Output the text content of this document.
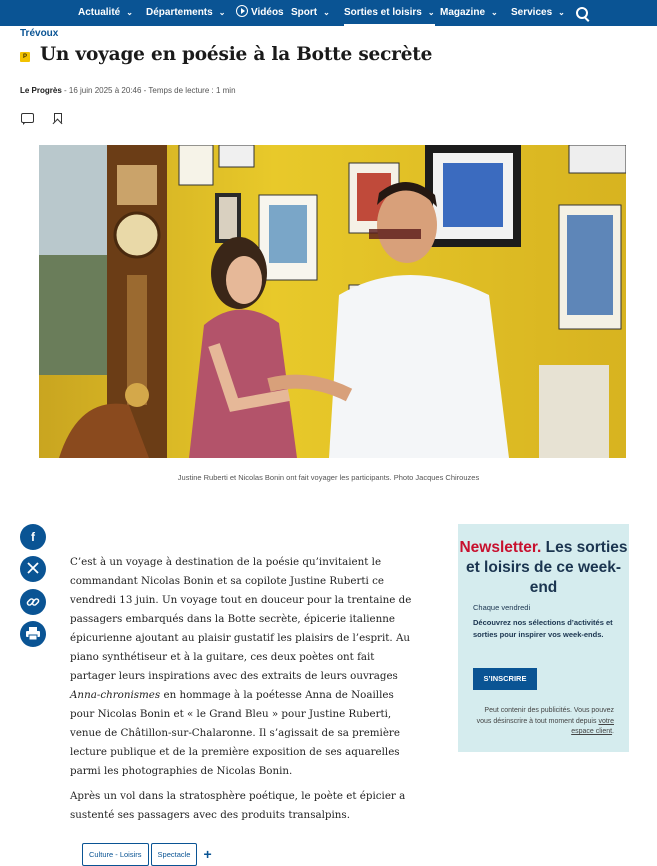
Actualité ⌄ Départements ⌄	Vidéos Sport ⌄ Sorties et loisirs ⌄ Magazine ⌄ Services ⌄
Trévoux
P Un voyage en poésie à la Botte secrète
Le Progrès - 16 juin 2025 à 20:46 - Temps de lecture : 1 min
Justine Ruberti et Nicolas Bonin ont fait voyager les participants. Photo Jacques Chirouzes
f

C’est à un voyage à destination de la poésie qu’invitaient le commandant Nicolas Bonin et sa copilote Justine Ruberti ce vendredi 13 juin. Un voyage tout en douceur pour la trentaine de passagers embarqués dans la Botte secrète, épicerie italienne épicurienne ajoutant au plaisir gustatif les plaisirs de l’esprit. Au piano synthétiseur et à la guitare, ces deux poètes ont fait partager leurs inspirations avec des extraits de leurs ouvrages Anna-chronismes en hommage à la poétesse Anna de Noailles pour Nicolas Bonin et « le Grand Bleu » pour Justine Ruberti, venue de Châtillon-sur-Chalaronne. Il s’agissait de sa première lecture publique et de la première exposition de ses aquarelles parmi les photographies de Nicolas Bonin.

Après un vol dans la stratosphère poétique, le poète et épicier a sustenté ses passagers avec des produits transalpins.

Culture - Loisirs Spectacle +
Newsletter. Les sorties et loisirs de ce week-end
Chaque vendredi
Découvrez nos sélections d’activités et sorties pour inspirer vos week-ends.
S’INSCRIRE
Peut contenir des publicités. Vous pouvez vous désinscrire à tout moment depuis votre espace client.
